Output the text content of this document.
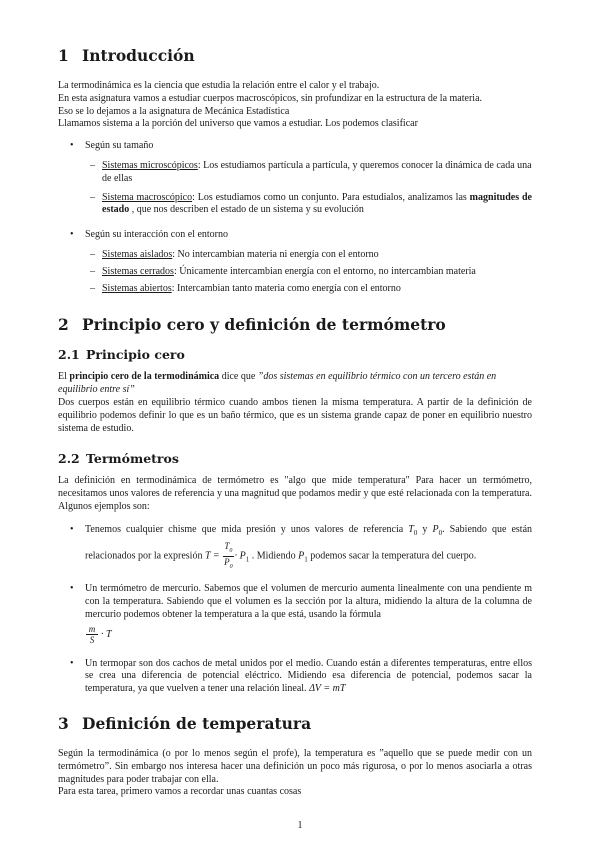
1 Introducción

La termodinámica es la ciencia que estudia la relación entre el calor y el trabajo.

En esta asignatura vamos a estudiar cuerpos macroscópicos, sin profundizar en la estructura de la materia.

Eso se lo dejamos a la asignatura de Mecánica Estadística

Llamamos sistema a la porción del universo que vamos a estudiar. Los podemos clasificar

• Según su tamaño
– Sistemas microscópicos: Los estudiamos partícula a partícula, y queremos conocer la dinámica de cada una de ellas
– Sistema macroscópico: Los estudiamos como un conjunto. Para estudialos, analizamos las magnitudes de estado , que nos describen el estado de un sistema y su evolución
• Según su interacción con el entorno
– Sistemas aislados: No intercambian materia ni energía con el entorno
– Sistemas cerrados: Únicamente intercambian energía con el entorno, no intercambian materia
– Sistemas abiertos: Intercambian tanto materia como energía con el entorno
2 Principio cero y definición de termómetro
2.1 Principio cero

El principio cero de la termodinámica dice que ”dos sistemas en equilibrio térmico con un tercero están en equilibrio entre sí”

Dos cuerpos están en equilibrio térmico cuando ambos tienen la misma temperatura. A partir de la definición de equilibrio podemos definir lo que es un baño térmico, que es un sistema grande capaz de poner en equilibrio nuestro sistema de estudio.

2.2 Termómetros

La definición en termodinámica de termómetro es "algo que mide temperatura" Para hacer un termómetro, necesitamos unos valores de referencia y una magnitud que podamos medir y que esté relacionada con la temperatura. Algunos ejemplos son:

• Tenemos cualquier chisme que mida presión y unos valores de referencia $T_0$ y $P_0$. Sabiendo que están relacionados por la expresión $T = \frac{T_0}{P_0} \cdot P_1$ . Midiendo $P_1$ podemos sacar la temperatura del cuerpo.
• Un termómetro de mercurio. Sabemos que el volumen de mercurio aumenta linealmente con una pendiente m con la temperatura. Sabiendo que el volumen es la sección por la altura, midiendo la altura de la columna de mercurio podemos obtener la temperatura a la que está, usando la fórmula
m
S · T
• Un termopar son dos cachos de metal unidos por el medio. Cuando están a diferentes temperaturas, entre ellos se crea una diferencia de potencial eléctrico. Midiendo esa diferencia de potencial, podemos sacar la temperatura, ya que vuelven a tener una relación lineal. ΔV = mT
3 Definición de temperatura

Según la termodinámica (o por lo menos según el profe), la temperatura es ”aquello que se puede medir con un termómetro”. Sin embargo nos interesa hacer una definición un poco más rigurosa, o por lo menos asociarla a otras magnitudes para poder trabajar con ella.

Para esta tarea, primero vamos a recordar unas cuantas cosas

1
